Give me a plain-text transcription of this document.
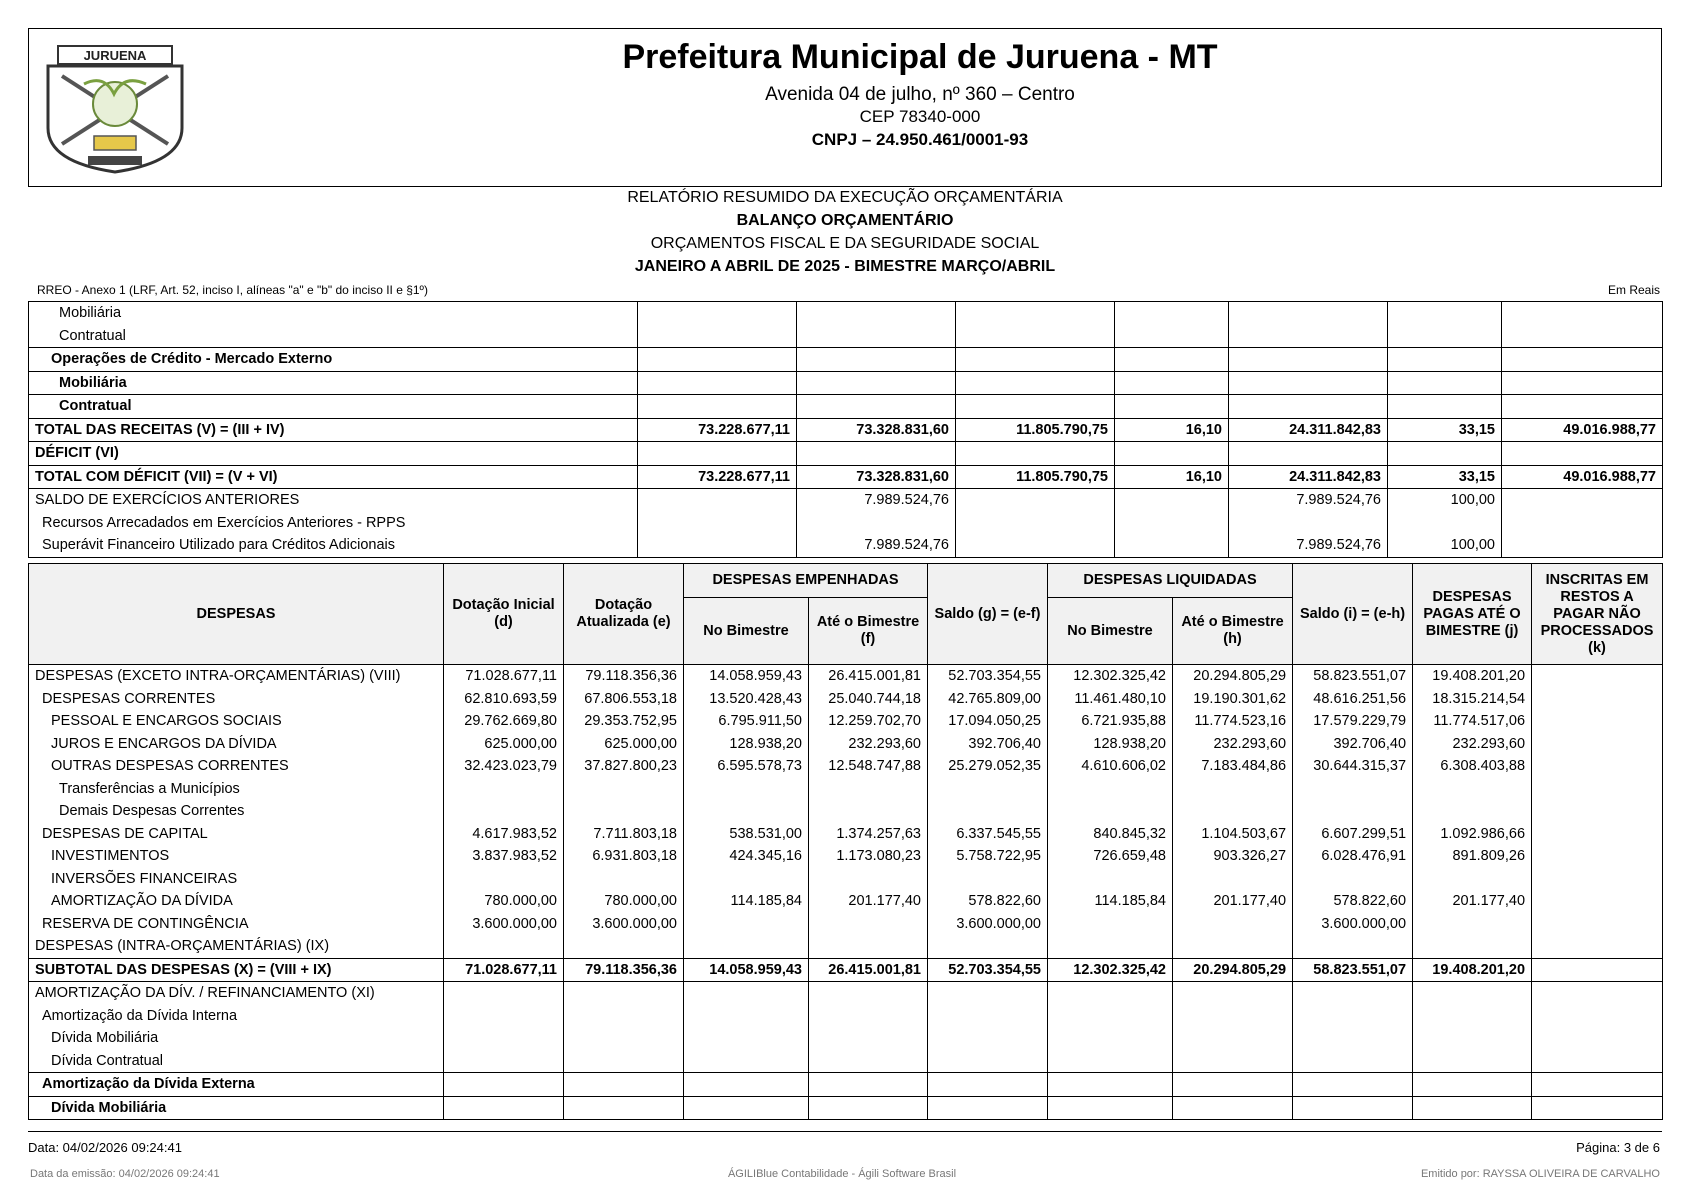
JURUENA	Prefeitura Municipal de Juruena - MT
Avenida 04 de julho, nº 360 – Centro
CEP 78340-000
CNPJ – 24.950.461/0001-93
RELATÓRIO RESUMIDO DA EXECUÇÃO ORÇAMENTÁRIA
BALANÇO ORÇAMENTÁRIO
ORÇAMENTOS FISCAL E DA SEGURIDADE SOCIAL
JANEIRO A ABRIL DE 2025 - BIMESTRE MARÇO/ABRIL
RREO - Anexo 1 (LRF, Art. 52, inciso I, alíneas "a" e "b" do inciso II e §1º)	Em Reais
Mobiliária							
Contratual							
Operações de Crédito - Mercado Externo							
Mobiliária							
Contratual							
TOTAL DAS RECEITAS (V) = (III + IV)	73.228.677,11	73.328.831,60	11.805.790,75	16,10	24.311.842,83	33,15	49.016.988,77
DÉFICIT (VI)							
TOTAL COM DÉFICIT (VII) = (V + VI)	73.228.677,11	73.328.831,60	11.805.790,75	16,10	24.311.842,83	33,15	49.016.988,77
SALDO DE EXERCÍCIOS ANTERIORES		7.989.524,76			7.989.524,76	100,00	
Recursos Arrecadados em Exercícios Anteriores - RPPS							
Superávit Financeiro Utilizado para Créditos Adicionais		7.989.524,76			7.989.524,76	100,00	
DESPESAS	Dotação Inicial (d)	Dotação Atualizada (e)	DESPESAS EMPENHADAS		Saldo (g) = (e-f)	DESPESAS LIQUIDADAS		Saldo (i) = (e-h)	DESPESAS PAGAS ATÉ O BIMESTRE (j)	INSCRITAS EM RESTOS A PAGAR NÃO PROCESSADOS (k)
			No Bimestre	Até o Bimestre (f)		No Bimestre	Até o Bimestre (h)			
DESPESAS (EXCETO INTRA-ORÇAMENTÁRIAS) (VIII)	71.028.677,11	79.118.356,36	14.058.959,43	26.415.001,81	52.703.354,55	12.302.325,42	20.294.805,29	58.823.551,07	19.408.201,20	
DESPESAS CORRENTES	62.810.693,59	67.806.553,18	13.520.428,43	25.040.744,18	42.765.809,00	11.461.480,10	19.190.301,62	48.616.251,56	18.315.214,54	
PESSOAL E ENCARGOS SOCIAIS	29.762.669,80	29.353.752,95	6.795.911,50	12.259.702,70	17.094.050,25	6.721.935,88	11.774.523,16	17.579.229,79	11.774.517,06	
JUROS E ENCARGOS DA DÍVIDA	625.000,00	625.000,00	128.938,20	232.293,60	392.706,40	128.938,20	232.293,60	392.706,40	232.293,60	
OUTRAS DESPESAS CORRENTES	32.423.023,79	37.827.800,23	6.595.578,73	12.548.747,88	25.279.052,35	4.610.606,02	7.183.484,86	30.644.315,37	6.308.403,88	
Transferências a Municípios										
Demais Despesas Correntes										
DESPESAS DE CAPITAL	4.617.983,52	7.711.803,18	538.531,00	1.374.257,63	6.337.545,55	840.845,32	1.104.503,67	6.607.299,51	1.092.986,66	
INVESTIMENTOS	3.837.983,52	6.931.803,18	424.345,16	1.173.080,23	5.758.722,95	726.659,48	903.326,27	6.028.476,91	891.809,26	
INVERSÕES FINANCEIRAS										
AMORTIZAÇÃO DA DÍVIDA	780.000,00	780.000,00	114.185,84	201.177,40	578.822,60	114.185,84	201.177,40	578.822,60	201.177,40	
RESERVA DE CONTINGÊNCIA	3.600.000,00	3.600.000,00			3.600.000,00			3.600.000,00		
DESPESAS (INTRA-ORÇAMENTÁRIAS) (IX)										
SUBTOTAL DAS DESPESAS (X) = (VIII + IX)	71.028.677,11	79.118.356,36	14.058.959,43	26.415.001,81	52.703.354,55	12.302.325,42	20.294.805,29	58.823.551,07	19.408.201,20	
AMORTIZAÇÃO DA DÍV. / REFINANCIAMENTO (XI)										
Amortização da Dívida Interna										
Dívida Mobiliária										
Dívida Contratual										
Amortização da Dívida Externa										
Dívida Mobiliária										
Data: 04/02/2026 09:24:41	Página: 3 de 6
Data da emissão: 04/02/2026 09:24:41	ÁGILIBlue Contabilidade - Ágili Software Brasil	Emitido por: RAYSSA OLIVEIRA DE CARVALHO
